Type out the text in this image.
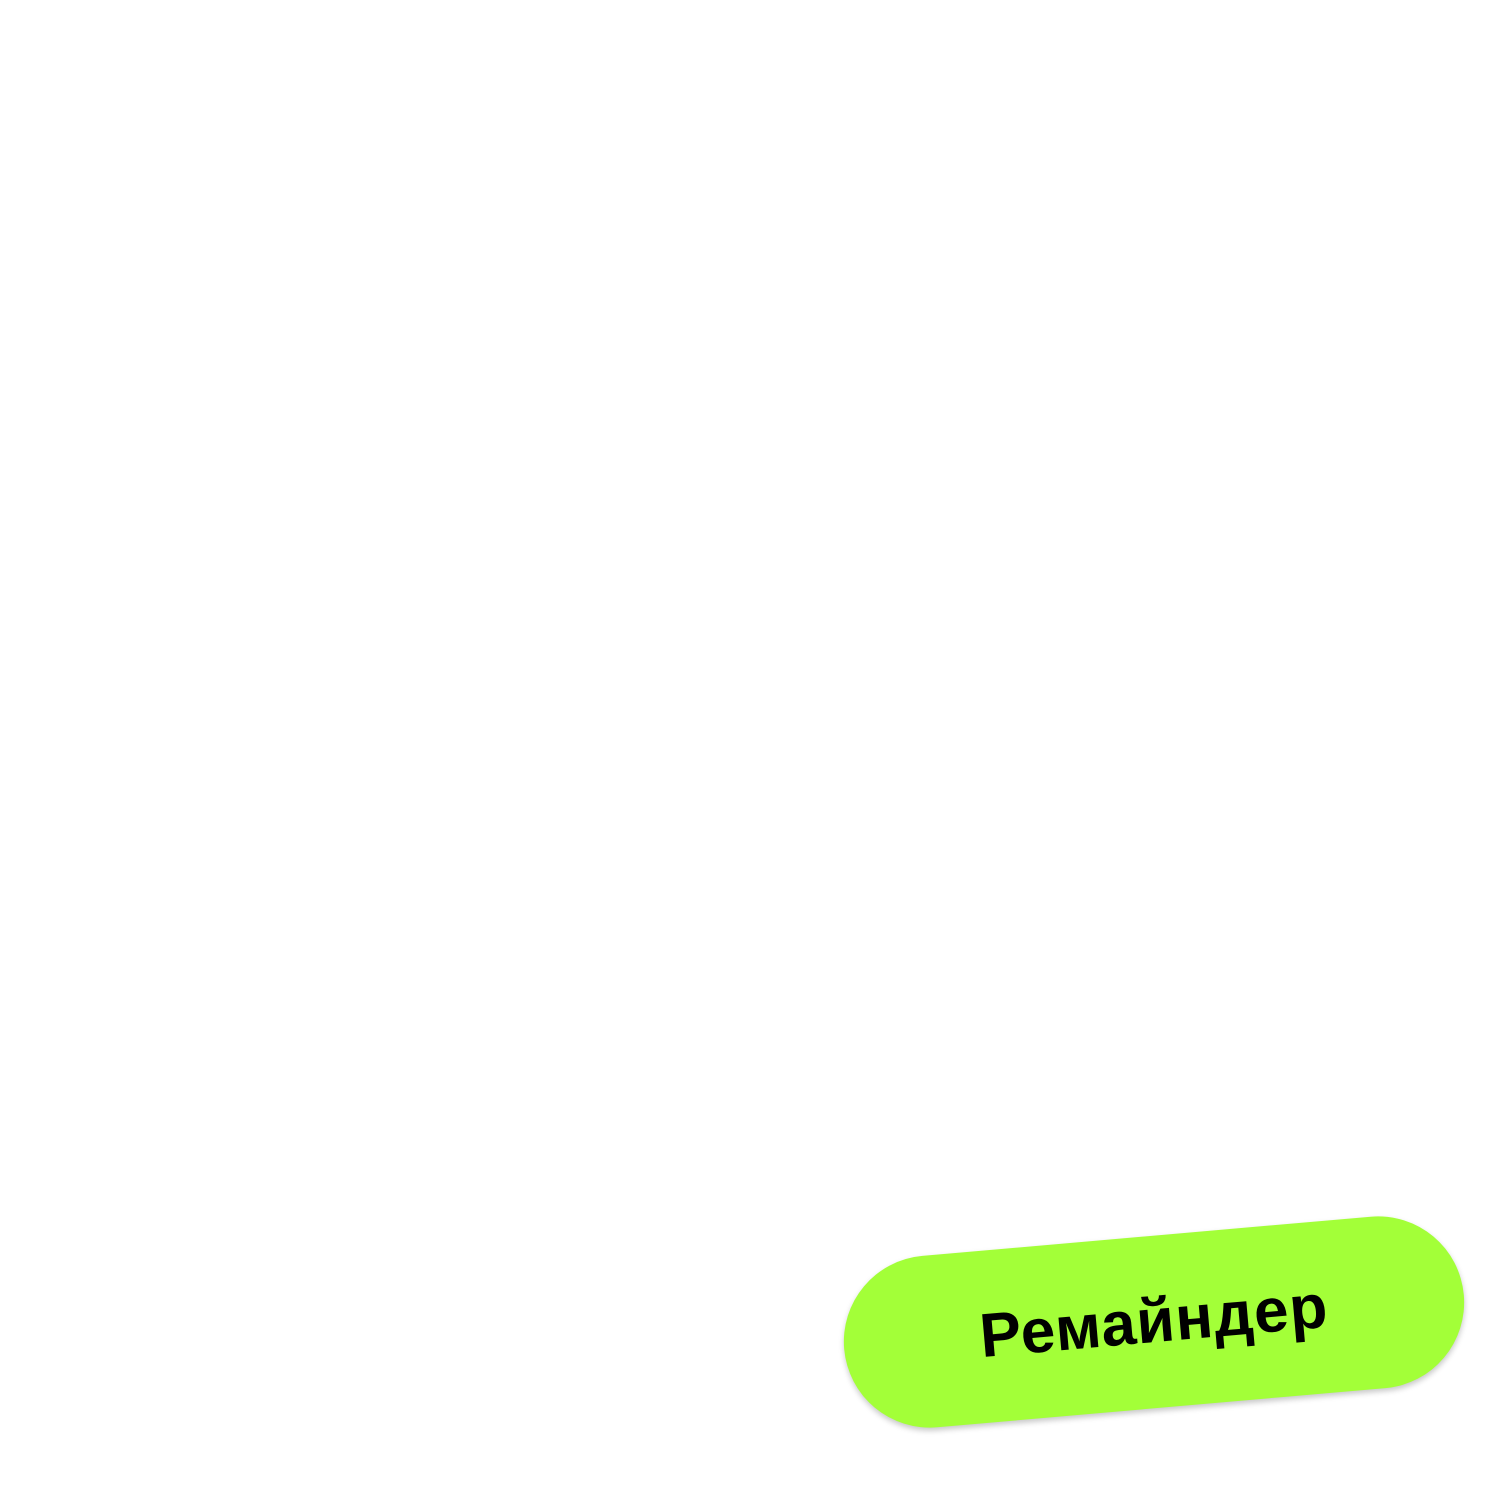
Ремайндер
